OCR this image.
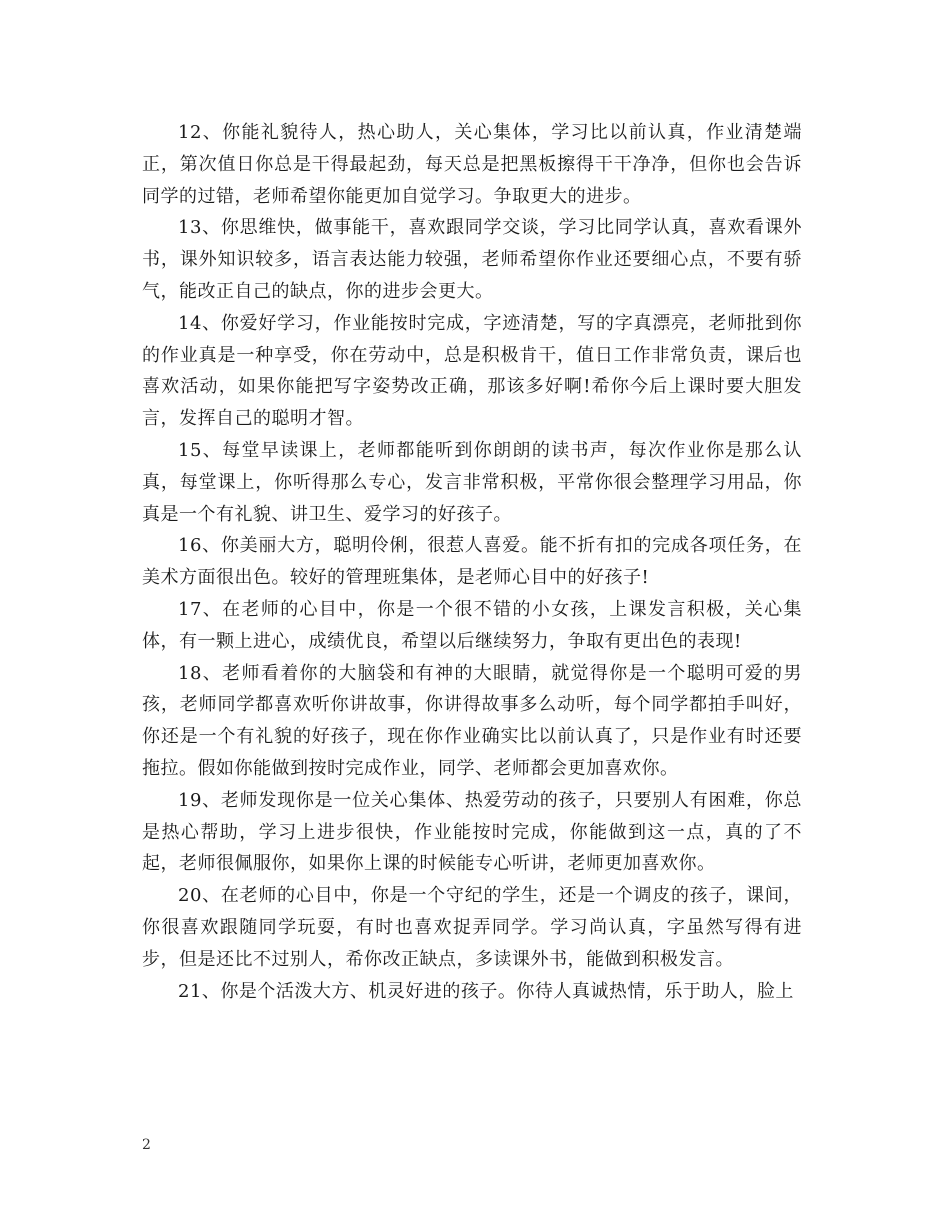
12、你能礼貌待人，热心助人，关心集体，学习比以前认真，作业清楚端正，第次值日你总是干得最起劲，每天总是把黑板擦得干干净净，但你也会告诉同学的过错，老师希望你能更加自觉学习。争取更大的进步。

13、你思维快，做事能干，喜欢跟同学交谈，学习比同学认真，喜欢看课外书，课外知识较多，语言表达能力较强，老师希望你作业还要细心点，不要有骄气，能改正自己的缺点，你的进步会更大。

14、你爱好学习，作业能按时完成，字迹清楚，写的字真漂亮，老师批到你的作业真是一种享受，你在劳动中，总是积极肯干，值日工作非常负责，课后也喜欢活动，如果你能把写字姿势改正确，那该多好啊!希你今后上课时要大胆发言，发挥自己的聪明才智。

15、每堂早读课上，老师都能听到你朗朗的读书声，每次作业你是那么认真，每堂课上，你听得那么专心，发言非常积极，平常你很会整理学习用品，你真是一个有礼貌、讲卫生、爱学习的好孩子。

16、你美丽大方，聪明伶俐，很惹人喜爱。能不折有扣的完成各项任务，在美术方面很出色。较好的管理班集体，是老师心目中的好孩子!

17、在老师的心目中，你是一个很不错的小女孩，上课发言积极，关心集体，有一颗上进心，成绩优良，希望以后继续努力，争取有更出色的表现!

18、老师看着你的大脑袋和有神的大眼睛，就觉得你是一个聪明可爱的男孩，老师同学都喜欢听你讲故事，你讲得故事多么动听，每个同学都拍手叫好，你还是一个有礼貌的好孩子，现在你作业确实比以前认真了，只是作业有时还要拖拉。假如你能做到按时完成作业，同学、老师都会更加喜欢你。

19、老师发现你是一位关心集体、热爱劳动的孩子，只要别人有困难，你总是热心帮助，学习上进步很快，作业能按时完成，你能做到这一点，真的了不起，老师很佩服你，如果你上课的时候能专心听讲，老师更加喜欢你。

20、在老师的心目中，你是一个守纪的学生，还是一个调皮的孩子，课间，你很喜欢跟随同学玩耍，有时也喜欢捉弄同学。学习尚认真，字虽然写得有进步，但是还比不过别人，希你改正缺点，多读课外书，能做到积极发言。

21、你是个活泼大方、机灵好进的孩子。你待人真诚热情，乐于助人，脸上

2
